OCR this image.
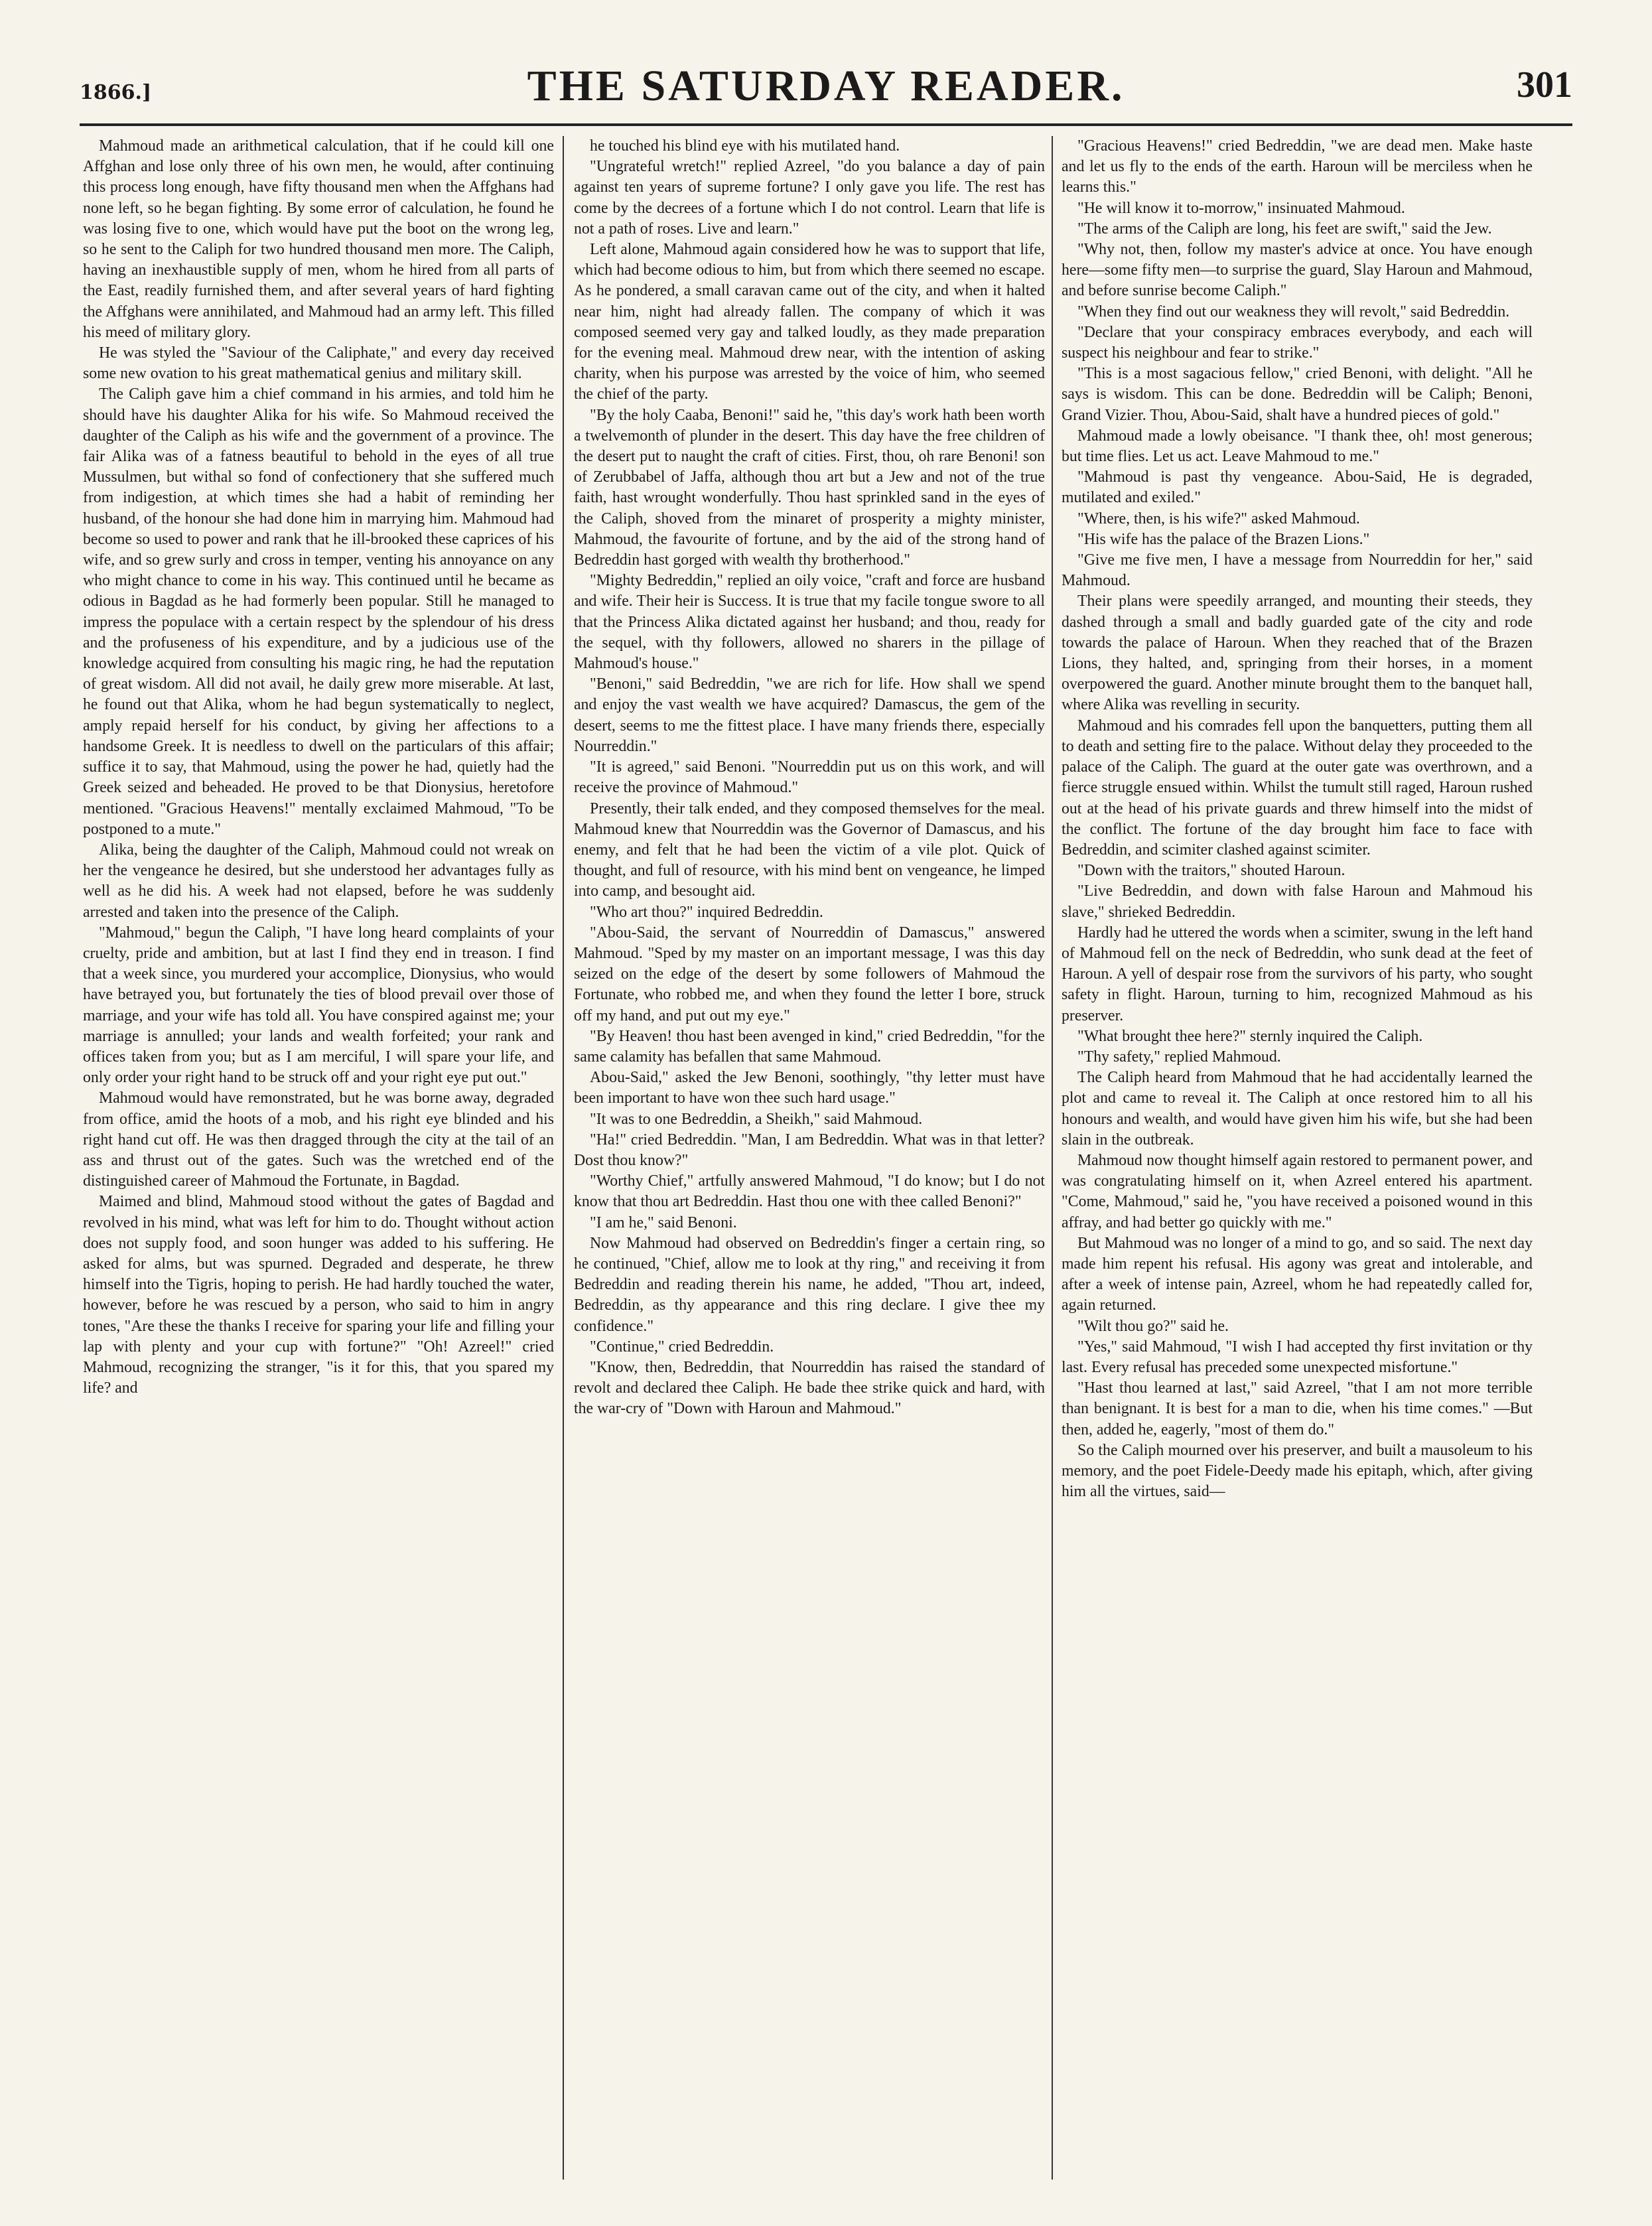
1866.]	THE SATURDAY READER.	301

Mahmoud made an arithmetical calculation, that if he could kill one Affghan and lose only three of his own men, he would, after continuing this process long enough, have fifty thousand men when the Affghans had none left, so he began fighting. By some error of calculation, he found he was losing five to one, which would have put the boot on the wrong leg, so he sent to the Caliph for two hundred thousand men more. The Caliph, having an inexhaustible supply of men, whom he hired from all parts of the East, readily furnished them, and after several years of hard fighting the Affghans were annihilated, and Mahmoud had an army left. This filled his meed of military glory.

He was styled the "Saviour of the Caliphate," and every day received some new ovation to his great mathematical genius and military skill.

The Caliph gave him a chief command in his armies, and told him he should have his daughter Alika for his wife. So Mahmoud received the daughter of the Caliph as his wife and the government of a province. The fair Alika was of a fatness beautiful to behold in the eyes of all true Mussulmen, but withal so fond of confectionery that she suffered much from indigestion, at which times she had a habit of reminding her husband, of the honour she had done him in marrying him. Mahmoud had become so used to power and rank that he ill-brooked these caprices of his wife, and so grew surly and cross in temper, venting his annoyance on any who might chance to come in his way. This continued until he became as odious in Bagdad as he had formerly been popular. Still he managed to impress the populace with a certain respect by the splendour of his dress and the profuseness of his expenditure, and by a judicious use of the knowledge acquired from consulting his magic ring, he had the reputation of great wisdom. All did not avail, he daily grew more miserable. At last, he found out that Alika, whom he had begun systematically to neglect, amply repaid herself for his conduct, by giving her affections to a handsome Greek. It is needless to dwell on the particulars of this affair; suffice it to say, that Mahmoud, using the power he had, quietly had the Greek seized and beheaded. He proved to be that Dionysius, heretofore mentioned. "Gracious Heavens!" mentally exclaimed Mahmoud, "To be postponed to a mute."

Alika, being the daughter of the Caliph, Mahmoud could not wreak on her the vengeance he desired, but she understood her advantages fully as well as he did his. A week had not elapsed, before he was suddenly arrested and taken into the presence of the Caliph.

"Mahmoud," begun the Caliph, "I have long heard complaints of your cruelty, pride and ambition, but at last I find they end in treason. I find that a week since, you murdered your accomplice, Dionysius, who would have betrayed you, but fortunately the ties of blood prevail over those of marriage, and your wife has told all. You have conspired against me; your marriage is annulled; your lands and wealth forfeited; your rank and offices taken from you; but as I am merciful, I will spare your life, and only order your right hand to be struck off and your right eye put out."

Mahmoud would have remonstrated, but he was borne away, degraded from office, amid the hoots of a mob, and his right eye blinded and his right hand cut off. He was then dragged through the city at the tail of an ass and thrust out of the gates. Such was the wretched end of the distinguished career of Mahmoud the Fortunate, in Bagdad.

Maimed and blind, Mahmoud stood without the gates of Bagdad and revolved in his mind, what was left for him to do. Thought without action does not supply food, and soon hunger was added to his suffering. He asked for alms, but was spurned. Degraded and desperate, he threw himself into the Tigris, hoping to perish. He had hardly touched the water, however, before he was rescued by a person, who said to him in angry tones, "Are these the thanks I receive for sparing your life and filling your lap with plenty and your cup with fortune?" "Oh! Azreel!" cried Mahmoud, recognizing the stranger, "is it for this, that you spared my life? and

he touched his blind eye with his mutilated hand.

"Ungrateful wretch!" replied Azreel, "do you balance a day of pain against ten years of supreme fortune? I only gave you life. The rest has come by the decrees of a fortune which I do not control. Learn that life is not a path of roses. Live and learn."

Left alone, Mahmoud again considered how he was to support that life, which had become odious to him, but from which there seemed no escape. As he pondered, a small caravan came out of the city, and when it halted near him, night had already fallen. The company of which it was composed seemed very gay and talked loudly, as they made preparation for the evening meal. Mahmoud drew near, with the intention of asking charity, when his purpose was arrested by the voice of him, who seemed the chief of the party.

"By the holy Caaba, Benoni!" said he, "this day's work hath been worth a twelvemonth of plunder in the desert. This day have the free children of the desert put to naught the craft of cities. First, thou, oh rare Benoni! son of Zerubbabel of Jaffa, although thou art but a Jew and not of the true faith, hast wrought wonderfully. Thou hast sprinkled sand in the eyes of the Caliph, shoved from the minaret of prosperity a mighty minister, Mahmoud, the favourite of fortune, and by the aid of the strong hand of Bedreddin hast gorged with wealth thy brotherhood."

"Mighty Bedreddin," replied an oily voice, "craft and force are husband and wife. Their heir is Success. It is true that my facile tongue swore to all that the Princess Alika dictated against her husband; and thou, ready for the sequel, with thy followers, allowed no sharers in the pillage of Mahmoud's house."

"Benoni," said Bedreddin, "we are rich for life. How shall we spend and enjoy the vast wealth we have acquired? Damascus, the gem of the desert, seems to me the fittest place. I have many friends there, especially Nourreddin."

"It is agreed," said Benoni. "Nourreddin put us on this work, and will receive the province of Mahmoud."

Presently, their talk ended, and they composed themselves for the meal. Mahmoud knew that Nourreddin was the Governor of Damascus, and his enemy, and felt that he had been the victim of a vile plot. Quick of thought, and full of resource, with his mind bent on vengeance, he limped into camp, and besought aid.

"Who art thou?" inquired Bedreddin.

"Abou-Said, the servant of Nourreddin of Damascus," answered Mahmoud. "Sped by my master on an important message, I was this day seized on the edge of the desert by some followers of Mahmoud the Fortunate, who robbed me, and when they found the letter I bore, struck off my hand, and put out my eye."

"By Heaven! thou hast been avenged in kind," cried Bedreddin, "for the same calamity has befallen that same Mahmoud.

Abou-Said," asked the Jew Benoni, soothingly, "thy letter must have been important to have won thee such hard usage."

"It was to one Bedreddin, a Sheikh," said Mahmoud.

"Ha!" cried Bedreddin. "Man, I am Bedreddin. What was in that letter? Dost thou know?"

"Worthy Chief," artfully answered Mahmoud, "I do know; but I do not know that thou art Bedreddin. Hast thou one with thee called Benoni?"

"I am he," said Benoni.

Now Mahmoud had observed on Bedreddin's finger a certain ring, so he continued, "Chief, allow me to look at thy ring," and receiving it from Bedreddin and reading therein his name, he added, "Thou art, indeed, Bedreddin, as thy appearance and this ring declare. I give thee my confidence."

"Continue," cried Bedreddin.

"Know, then, Bedreddin, that Nourreddin has raised the standard of revolt and declared thee Caliph. He bade thee strike quick and hard, with the war-cry of "Down with Haroun and Mahmoud."

"Gracious Heavens!" cried Bedreddin, "we are dead men. Make haste and let us fly to the ends of the earth. Haroun will be merciless when he learns this."

"He will know it to-morrow," insinuated Mahmoud.

"The arms of the Caliph are long, his feet are swift," said the Jew.

"Why not, then, follow my master's advice at once. You have enough here—some fifty men—to surprise the guard, Slay Haroun and Mahmoud, and before sunrise become Caliph."

"When they find out our weakness they will revolt," said Bedreddin.

"Declare that your conspiracy embraces everybody, and each will suspect his neighbour and fear to strike."

"This is a most sagacious fellow," cried Benoni, with delight. "All he says is wisdom. This can be done. Bedreddin will be Caliph; Benoni, Grand Vizier. Thou, Abou-Said, shalt have a hundred pieces of gold."

Mahmoud made a lowly obeisance. "I thank thee, oh! most generous; but time flies. Let us act. Leave Mahmoud to me."

"Mahmoud is past thy vengeance. Abou-Said, He is degraded, mutilated and exiled."

"Where, then, is his wife?" asked Mahmoud.

"His wife has the palace of the Brazen Lions."

"Give me five men, I have a message from Nourreddin for her," said Mahmoud.

Their plans were speedily arranged, and mounting their steeds, they dashed through a small and badly guarded gate of the city and rode towards the palace of Haroun. When they reached that of the Brazen Lions, they halted, and, springing from their horses, in a moment overpowered the guard. Another minute brought them to the banquet hall, where Alika was revelling in security.

Mahmoud and his comrades fell upon the banquetters, putting them all to death and setting fire to the palace. Without delay they proceeded to the palace of the Caliph. The guard at the outer gate was overthrown, and a fierce struggle ensued within. Whilst the tumult still raged, Haroun rushed out at the head of his private guards and threw himself into the midst of the conflict. The fortune of the day brought him face to face with Bedreddin, and scimiter clashed against scimiter.

"Down with the traitors," shouted Haroun.

"Live Bedreddin, and down with false Haroun and Mahmoud his slave," shrieked Bedreddin.

Hardly had he uttered the words when a scimiter, swung in the left hand of Mahmoud fell on the neck of Bedreddin, who sunk dead at the feet of Haroun. A yell of despair rose from the survivors of his party, who sought safety in flight. Haroun, turning to him, recognized Mahmoud as his preserver.

"What brought thee here?" sternly inquired the Caliph.

"Thy safety," replied Mahmoud.

The Caliph heard from Mahmoud that he had accidentally learned the plot and came to reveal it. The Caliph at once restored him to all his honours and wealth, and would have given him his wife, but she had been slain in the outbreak.

Mahmoud now thought himself again restored to permanent power, and was congratulating himself on it, when Azreel entered his apartment. "Come, Mahmoud," said he, "you have received a poisoned wound in this affray, and had better go quickly with me."

But Mahmoud was no longer of a mind to go, and so said. The next day made him repent his refusal. His agony was great and intolerable, and after a week of intense pain, Azreel, whom he had repeatedly called for, again returned.

"Wilt thou go?" said he.

"Yes," said Mahmoud, "I wish I had accepted thy first invitation or thy last. Every refusal has preceded some unexpected misfortune."

"Hast thou learned at last," said Azreel, "that I am not more terrible than benignant. It is best for a man to die, when his time comes." —But then, added he, eagerly, "most of them do."

So the Caliph mourned over his preserver, and built a mausoleum to his memory, and the poet Fidele-Deedy made his epitaph, which, after giving him all the virtues, said—
